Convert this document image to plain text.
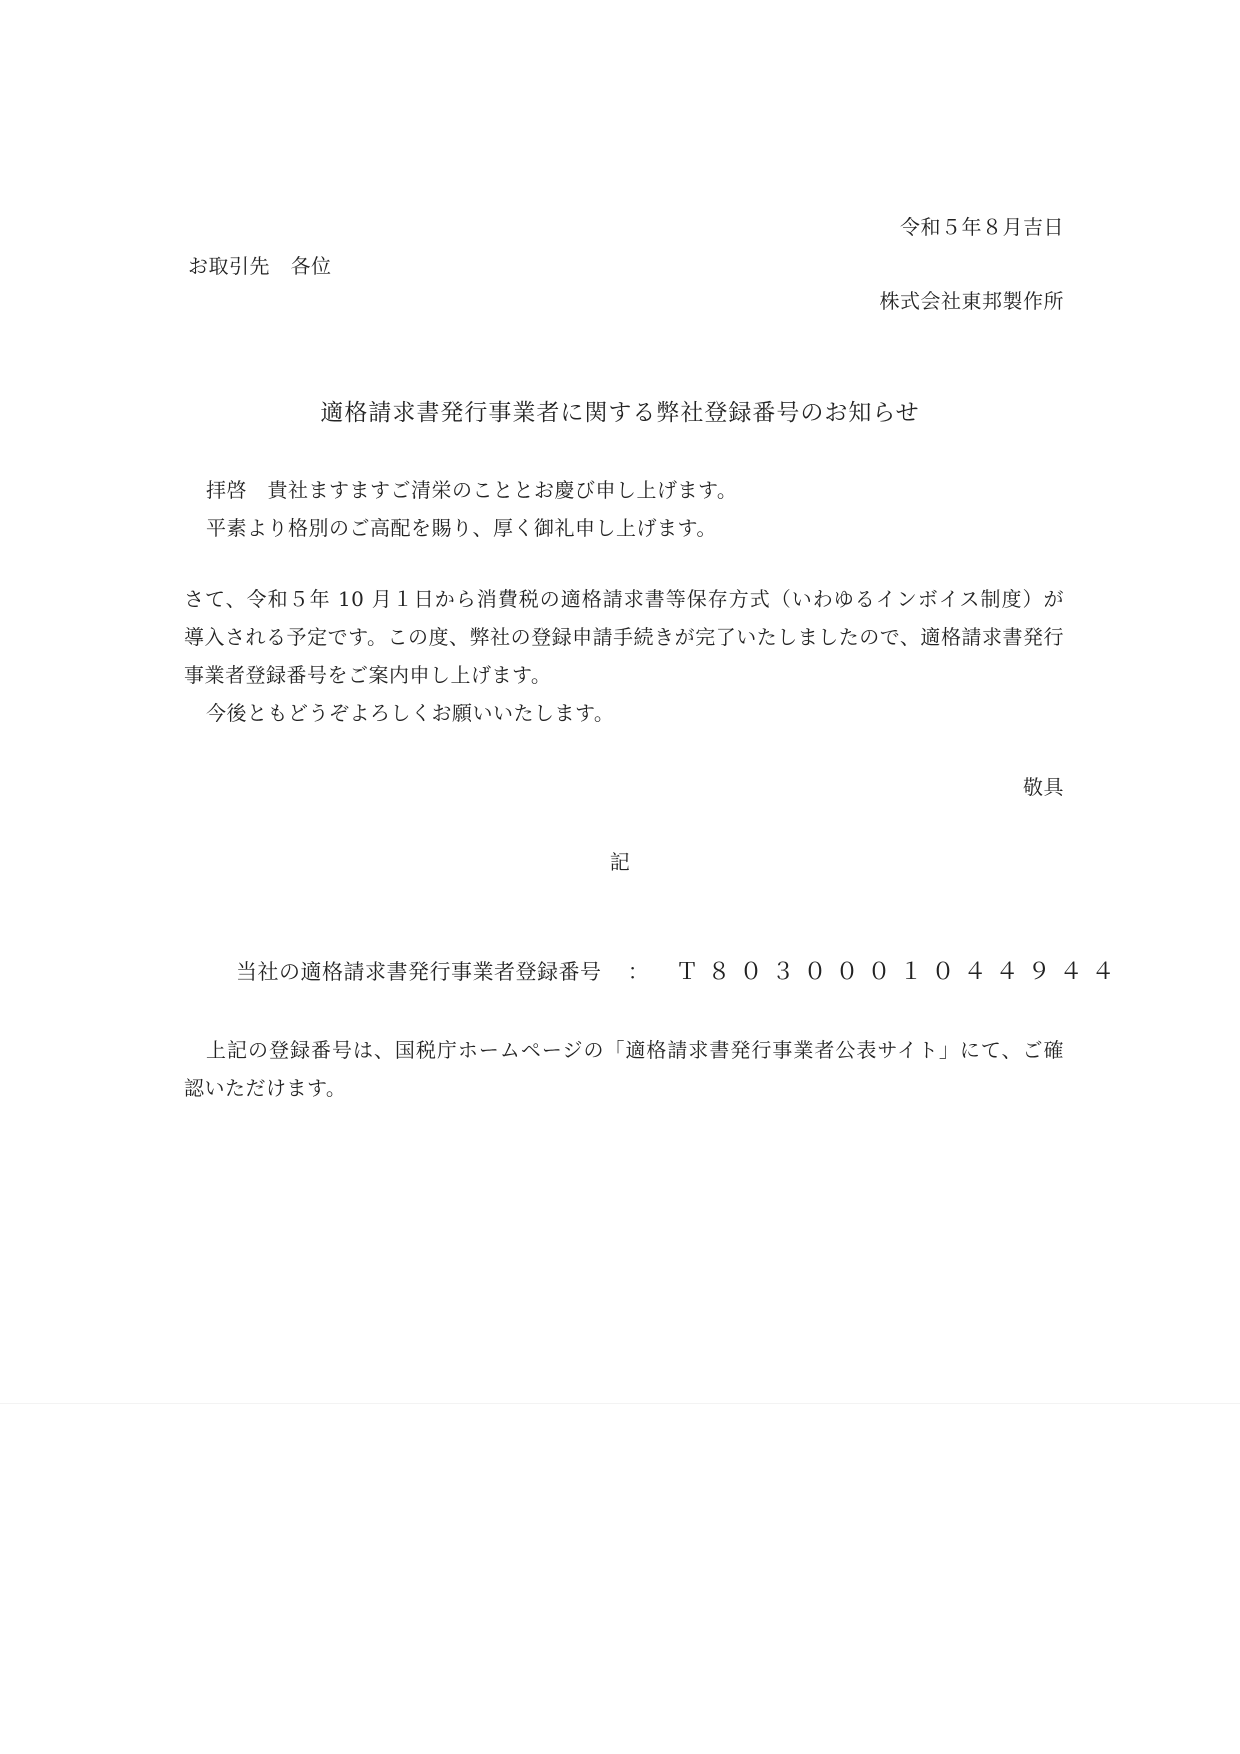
令和５年８月吉日

お取引先　各位

株式会社東邦製作所

適格請求書発行事業者に関する弊社登録番号のお知らせ

拝啓　貴社ますますご清栄のこととお慶び申し上げます。

平素より格別のご高配を賜り、厚く御礼申し上げます。

さて、令和５年 10 月１日から消費税の適格請求書等保存方式（いわゆるインボイス制度）が導入される予定です。この度、弊社の登録申請手続きが完了いたしましたので、適格請求書発行事業者登録番号をご案内申し上げます。

今後ともどうぞよろしくお願いいたします。

敬具

記

当社の適格請求書発行事業者登録番号 ： Ｔ８０３０００１０４４９４４

上記の登録番号は、国税庁ホームページの「適格請求書発行事業者公表サイト」にて、ご確認いただけます。
